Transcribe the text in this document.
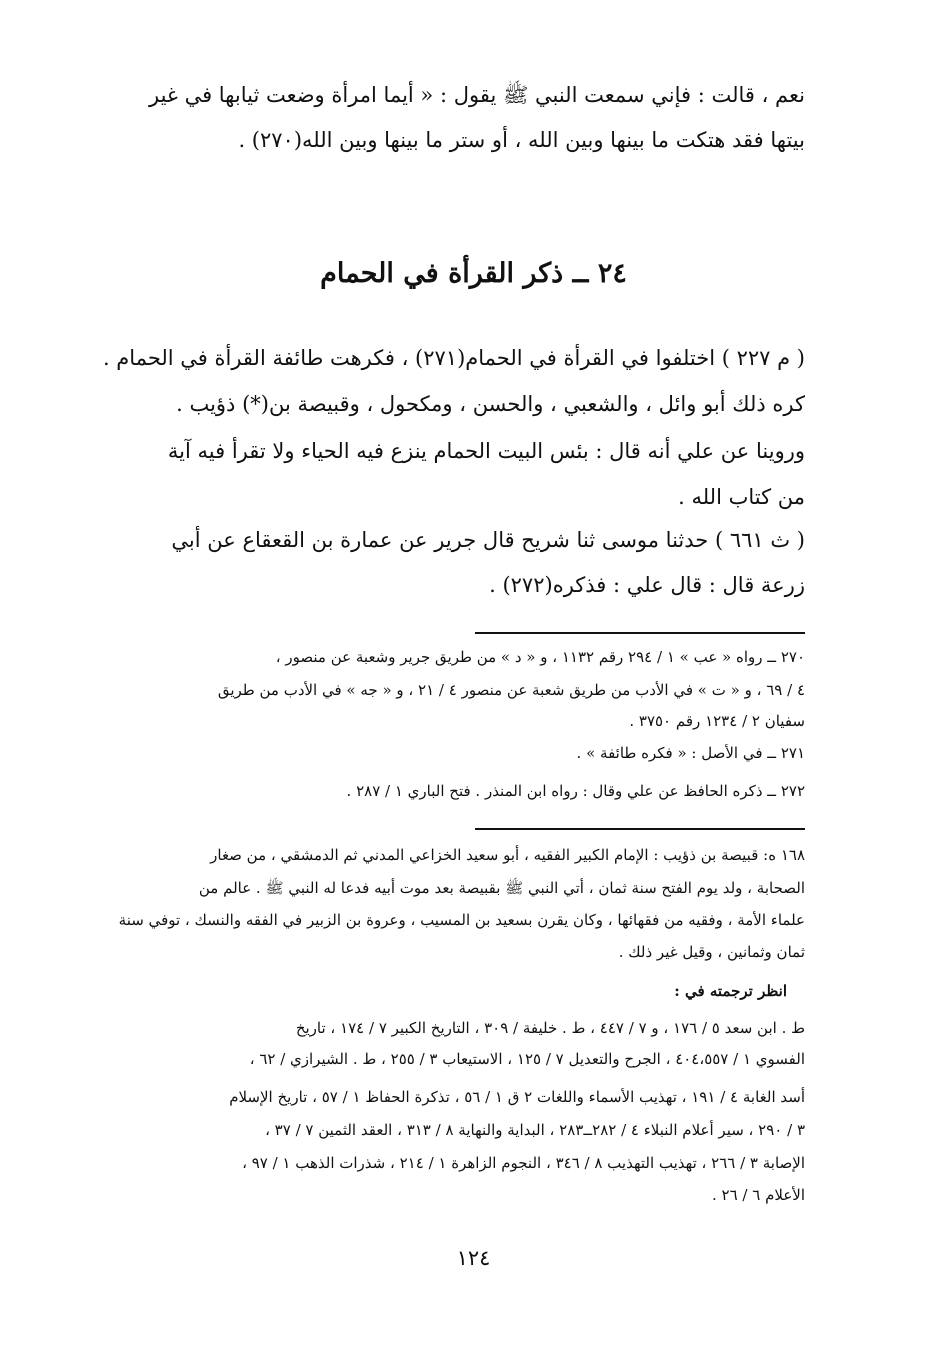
نعم ، قالت : فإني سمعت النبي ﷺ يقول : « أيما امرأة وضعت ثيابها في غير
بيتها فقد هتكت ما بينها وبين الله ، أو ستر ما بينها وبين الله(٢٧٠) .
٢٤ ــ ذكر القرأة في الحمام
( م ٢٢٧ ) اختلفوا في القرأة في الحمام(٢٧١) ، فكرهت طائفة القرأة في الحمام .
كره ذلك أبو وائل ، والشعبي ، والحسن ، ومكحول ، وقبيصة بن(*) ذؤيب .
وروينا عن علي أنه قال : بئس البيت الحمام ينزع فيه الحياء ولا تقرأ فيه آية
من كتاب الله .
( ث ٦٦١ ) حدثنا موسى ثنا شريح قال جرير عن عمارة بن القعقاع عن أبي
زرعة قال : قال علي : فذكره(٢٧٢) .
٢٧٠ ــ رواه « عب » ١ / ٢٩٤ رقم ١١٣٢ ، و « د » من طريق جرير وشعبة عن منصور ،
٤ / ٦٩ ، و « ت » في الأدب من طريق شعبة عن منصور ٤ / ٢١ ، و « جه » في الأدب من طريق
سفيان ٢ / ١٢٣٤ رقم ٣٧٥٠ .
٢٧١ ــ في الأصل : « فكره طائفة » .
٢٧٢ ــ ذكره الحافظ عن علي وقال : رواه ابن المنذر . فتح الباري ١ / ٢٨٧ .
١٦٨ ه: قبيصة بن ذؤيب : الإمام الكبير الفقيه ، أبو سعيد الخزاعي المدني ثم الدمشقي ، من صغار
الصحابة ، ولد يوم الفتح سنة ثمان ، أتي النبي ﷺ بقبيصة بعد موت أبيه فدعا له النبي ﷺ . عالم من
علماء الأمة ، وفقيه من فقهائها ، وكان يقرن بسعيد بن المسيب ، وعروة بن الزبير في الفقه والنسك ، توفي سنة
ثمان وثمانين ، وقيل غير ذلك .
انظر ترجمته في :
ط . ابن سعد ٥ / ١٧٦ ، و ٧ / ٤٤٧ ، ط . خليفة / ٣٠٩ ، التاريخ الكبير ٧ / ١٧٤ ، تاريخ
الفسوي ١ / ٤٠٤،٥٥٧ ، الجرح والتعديل ٧ / ١٢٥ ، الاستيعاب ٣ / ٢٥٥ ، ط . الشيرازي / ٦٢ ،
أسد الغابة ٤ / ١٩١ ، تهذيب الأسماء واللغات ٢ ق ١ / ٥٦ ، تذكرة الحفاظ ١ / ٥٧ ، تاريخ الإسلام
٣ / ٢٩٠ ، سير أعلام النبلاء ٤ / ٢٨٢ــ٢٨٣ ، البداية والنهاية ٨ / ٣١٣ ، العقد الثمين ٧ / ٣٧ ،
الإصابة ٣ / ٢٦٦ ، تهذيب التهذيب ٨ / ٣٤٦ ، النجوم الزاهرة ١ / ٢١٤ ، شذرات الذهب ١ / ٩٧ ،
الأعلام ٦ / ٢٦ .
١٢٤
